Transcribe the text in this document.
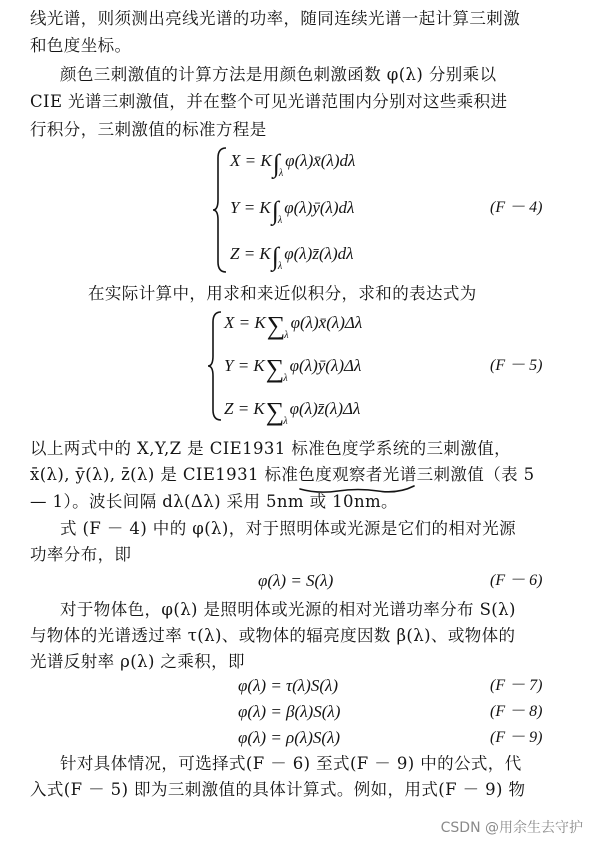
线光谱，则须测出亮线光谱的功率，随同连续光谱一起计算三刺激

和色度坐标。

颜色三刺激值的计算方法是用颜色刺激函数 φ(λ) 分别乘以

CIE 光谱三刺激值，并在整个可见光谱范围内分别对这些乘积进

行积分，三刺激值的标准方程是

$X = K\int_\lambda\varphi(\lambda)x̄(\lambda)d\lambda$
$Y = K\int_\lambda\varphi(\lambda)ȳ(\lambda)d\lambda$
$Z = K\int_\lambda\varphi(\lambda)z̄(\lambda)d\lambda$
(F － 4)

在实际计算中，用求和来近似积分，求和的表达式为

$X = K\sum_\lambda\varphi(\lambda)x̄(\lambda)\Delta\lambda$
$Y = K\sum_\lambda\varphi(\lambda)ȳ(\lambda)\Delta\lambda$
$Z = K\sum_\lambda\varphi(\lambda)z̄(\lambda)\Delta\lambda$
(F － 5)

以上两式中的 X,Y,Z 是 CIE1931 标准色度学系统的三刺激值，

x̄(λ), ȳ(λ), z̄(λ) 是 CIE1931 标准色度观察者光谱三刺激值（表 5

— 1）。波长间隔 dλ(Δλ) 采用 5nm 或 10nm。

式 (F － 4) 中的 φ(λ)，对于照明体或光源是它们的相对光源

功率分布，即

φ(λ) = S(λ)	(F － 6)

对于物体色，φ(λ) 是照明体或光源的相对光谱功率分布 S(λ)

与物体的光谱透过率 τ(λ)、或物体的辐亮度因数 β(λ)、或物体的

光谱反射率 ρ(λ) 之乘积，即

φ(λ) = τ(λ)S(λ)	(F － 7)
φ(λ) = β(λ)S(λ)	(F － 8)
φ(λ) = ρ(λ)S(λ)	(F － 9)

针对具体情况，可选择式(F － 6) 至式(F － 9) 中的公式，代

入式(F － 5) 即为三刺激值的具体计算式。例如，用式(F － 9) 物

CSDN @用余生去守护
